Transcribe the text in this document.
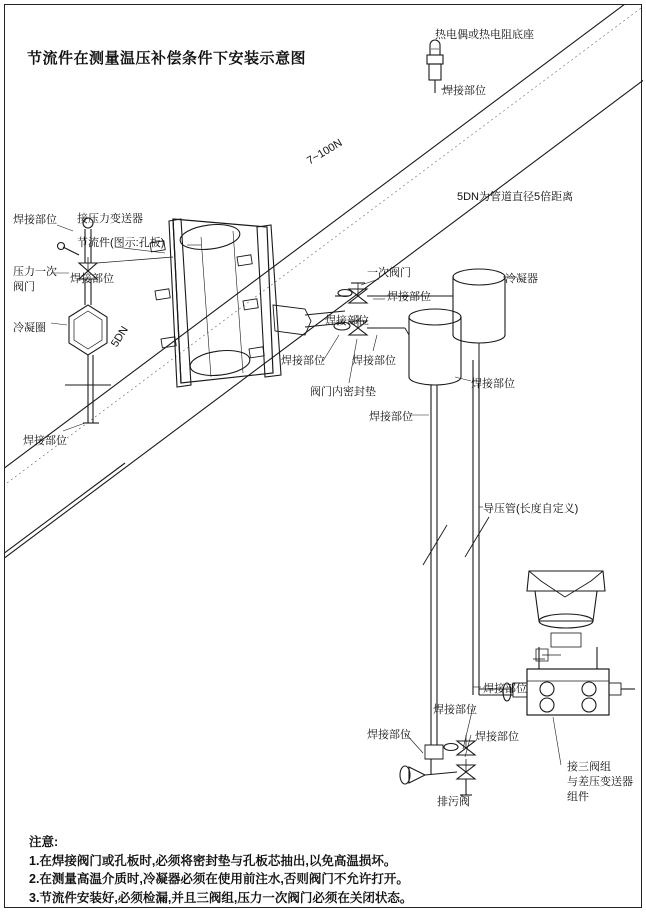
节流件在测量温压补偿条件下安装示意图
热电偶或热电阻底座
焊接部位
7~100N
5DN为管道直径5倍距离
焊接部位 接压力变送器
节流件(图示:孔板)
压力一次
阀门
焊接部位
冷凝圈	5DN
焊接部位
一次阀门
焊接部位
焊接部位
冷凝器
焊接部位 焊接部位
阀门内密封垫
焊接部位
焊接部位
导压管(长度自定义)
焊接部位
焊接部位
焊接部位	焊接部位
排污阀
接三阀组
与差压变送器
组件
注意:
1.在焊接阀门或孔板时,必须将密封垫与孔板芯抽出,以免高温损坏。
2.在测量高温介质时,冷凝器必须在使用前注水,否则阀门不允许打开。
3.节流件安装好,必须检漏,并且三阀组,压力一次阀门必须在关闭状态。
